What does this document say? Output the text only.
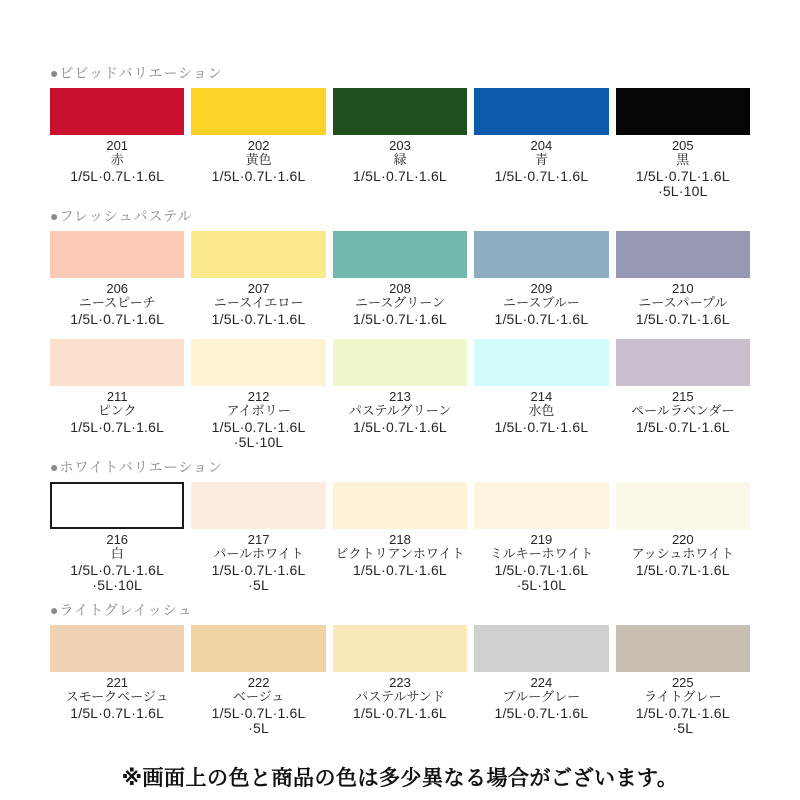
●ビビッドバリエーション
201
赤
1/5L·0.7L·1.6L
202
黄色
1/5L·0.7L·1.6L
203
緑
1/5L·0.7L·1.6L
204
青
1/5L·0.7L·1.6L
205
黒
1/5L·0.7L·1.6L
·5L·10L
●フレッシュパステル
206
ニースピーチ
1/5L·0.7L·1.6L
207
ニースイエロー
1/5L·0.7L·1.6L
208
ニースグリーン
1/5L·0.7L·1.6L
209
ニースブルー
1/5L·0.7L·1.6L
210
ニースパープル
1/5L·0.7L·1.6L
211
ピンク
1/5L·0.7L·1.6L
212
アイボリー
1/5L·0.7L·1.6L
·5L·10L
213
パステルグリーン
1/5L·0.7L·1.6L
214
水色
1/5L·0.7L·1.6L
215
ペールラベンダー
1/5L·0.7L·1.6L
●ホワイトバリエーション
216
白
1/5L·0.7L·1.6L
·5L·10L
217
パールホワイト
1/5L·0.7L·1.6L
·5L
218
ビクトリアンホワイト
1/5L·0.7L·1.6L
219
ミルキーホワイト
1/5L·0.7L·1.6L
·5L·10L
220
アッシュホワイト
1/5L·0.7L·1.6L
●ライトグレイッシュ
221
スモークベージュ
1/5L·0.7L·1.6L
222
ベージュ
1/5L·0.7L·1.6L
·5L
223
パステルサンド
1/5L·0.7L·1.6L
224
ブルーグレー
1/5L·0.7L·1.6L
225
ライトグレー
1/5L·0.7L·1.6L
·5L
※画面上の色と商品の色は多少異なる場合がございます。
